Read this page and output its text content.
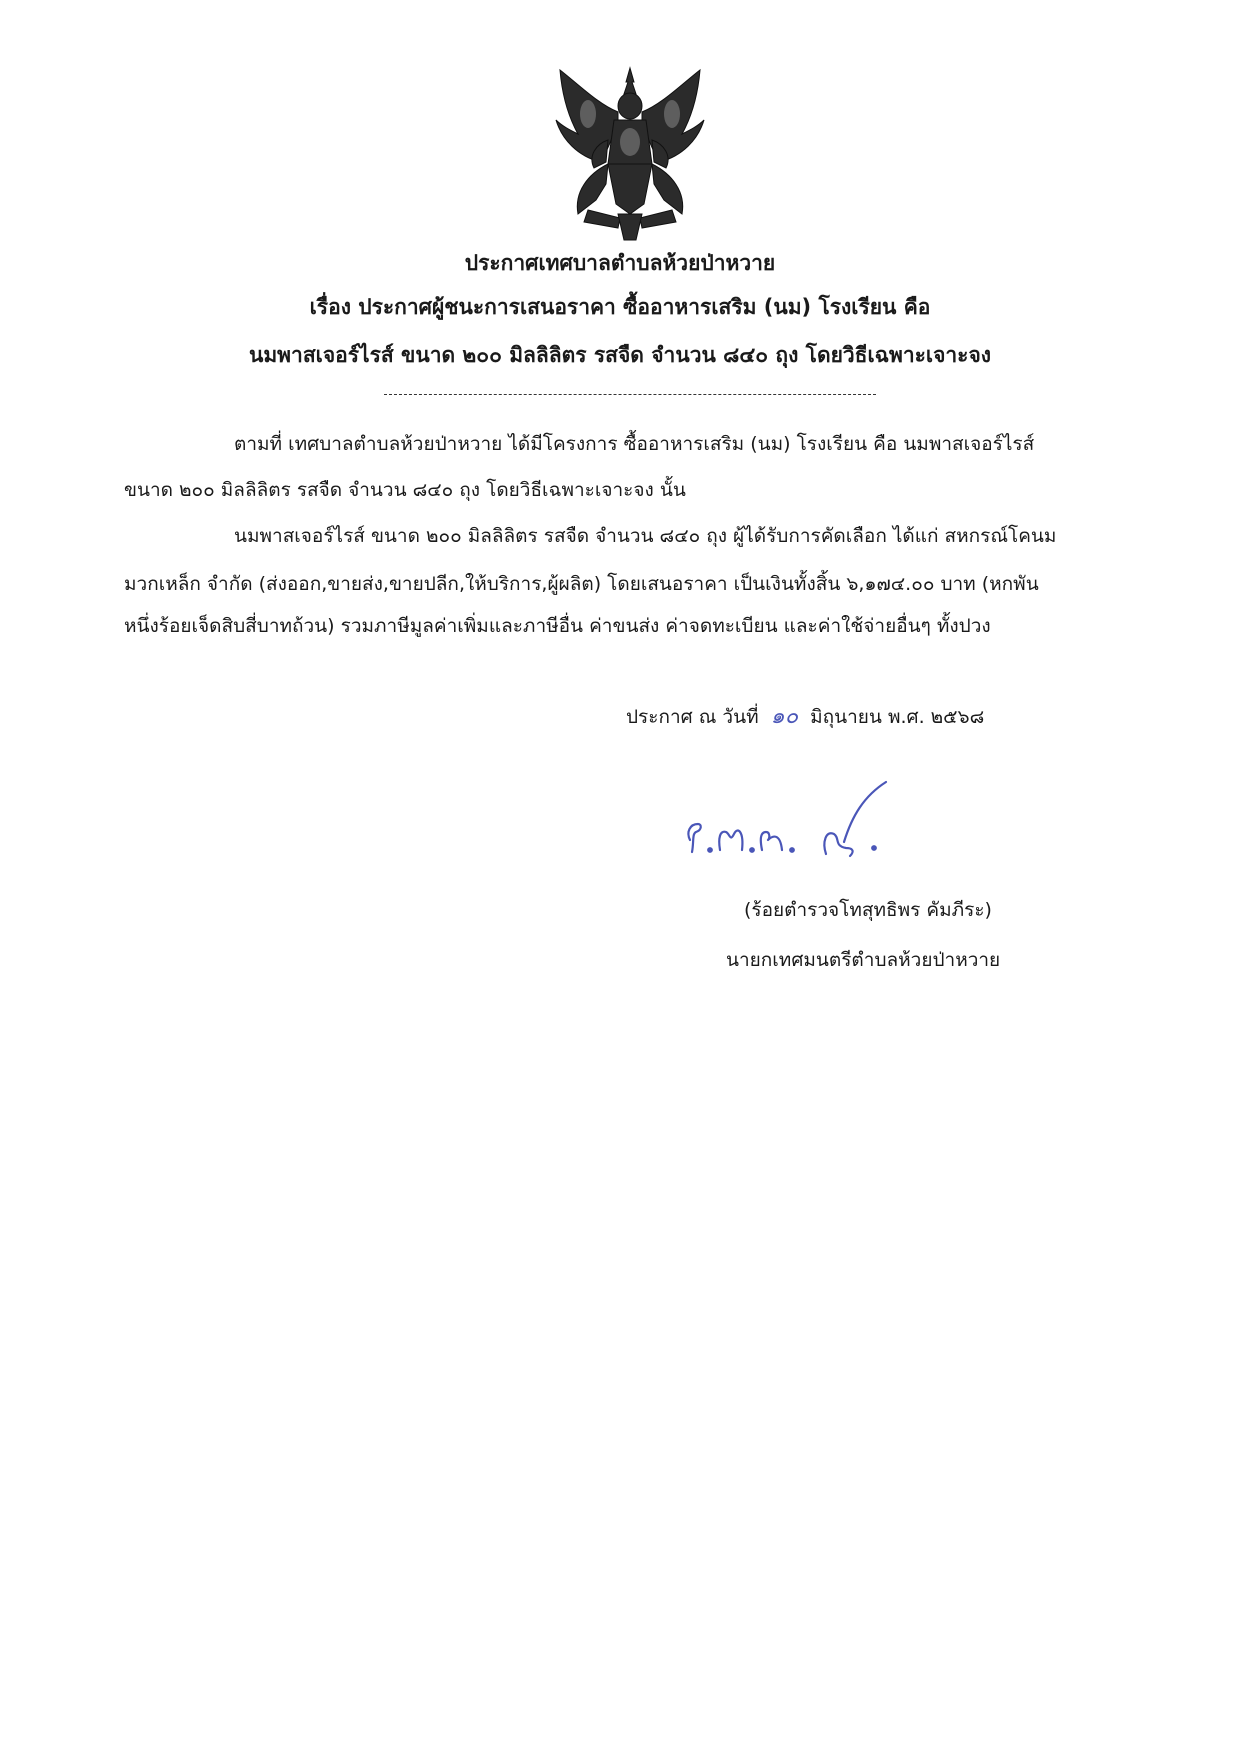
ประกาศเทศบาลตำบลห้วยป่าหวาย
เรื่อง ประกาศผู้ชนะการเสนอราคา ซื้ออาหารเสริม (นม) โรงเรียน คือ
นมพาสเจอร์ไรส์ ขนาด ๒๐๐ มิลลิลิตร รสจืด จำนวน ๘๔๐ ถุง โดยวิธีเฉพาะเจาะจง
ตามที่ เทศบาลตำบลห้วยป่าหวาย ได้มีโครงการ ซื้ออาหารเสริม (นม) โรงเรียน คือ นมพาสเจอร์ไรส์
ขนาด ๒๐๐ มิลลิลิตร รสจืด จำนวน ๘๔๐ ถุง โดยวิธีเฉพาะเจาะจง นั้น
นมพาสเจอร์ไรส์ ขนาด ๒๐๐ มิลลิลิตร รสจืด จำนวน ๘๔๐ ถุง ผู้ได้รับการคัดเลือก ได้แก่ สหกรณ์โคนม
มวกเหล็ก จำกัด (ส่งออก,ขายส่ง,ขายปลีก,ให้บริการ,ผู้ผลิต) โดยเสนอราคา เป็นเงินทั้งสิ้น ๖,๑๗๔.๐๐ บาท (หกพัน
หนึ่งร้อยเจ็ดสิบสี่บาทถ้วน) รวมภาษีมูลค่าเพิ่มและภาษีอื่น ค่าขนส่ง ค่าจดทะเบียน และค่าใช้จ่ายอื่นๆ ทั้งปวง
ประกาศ ณ วันที่ ๑๐ มิถุนายน พ.ศ. ๒๕๖๘
(ร้อยตำรวจโทสุทธิพร คัมภีระ)
นายกเทศมนตรีตำบลห้วยป่าหวาย
